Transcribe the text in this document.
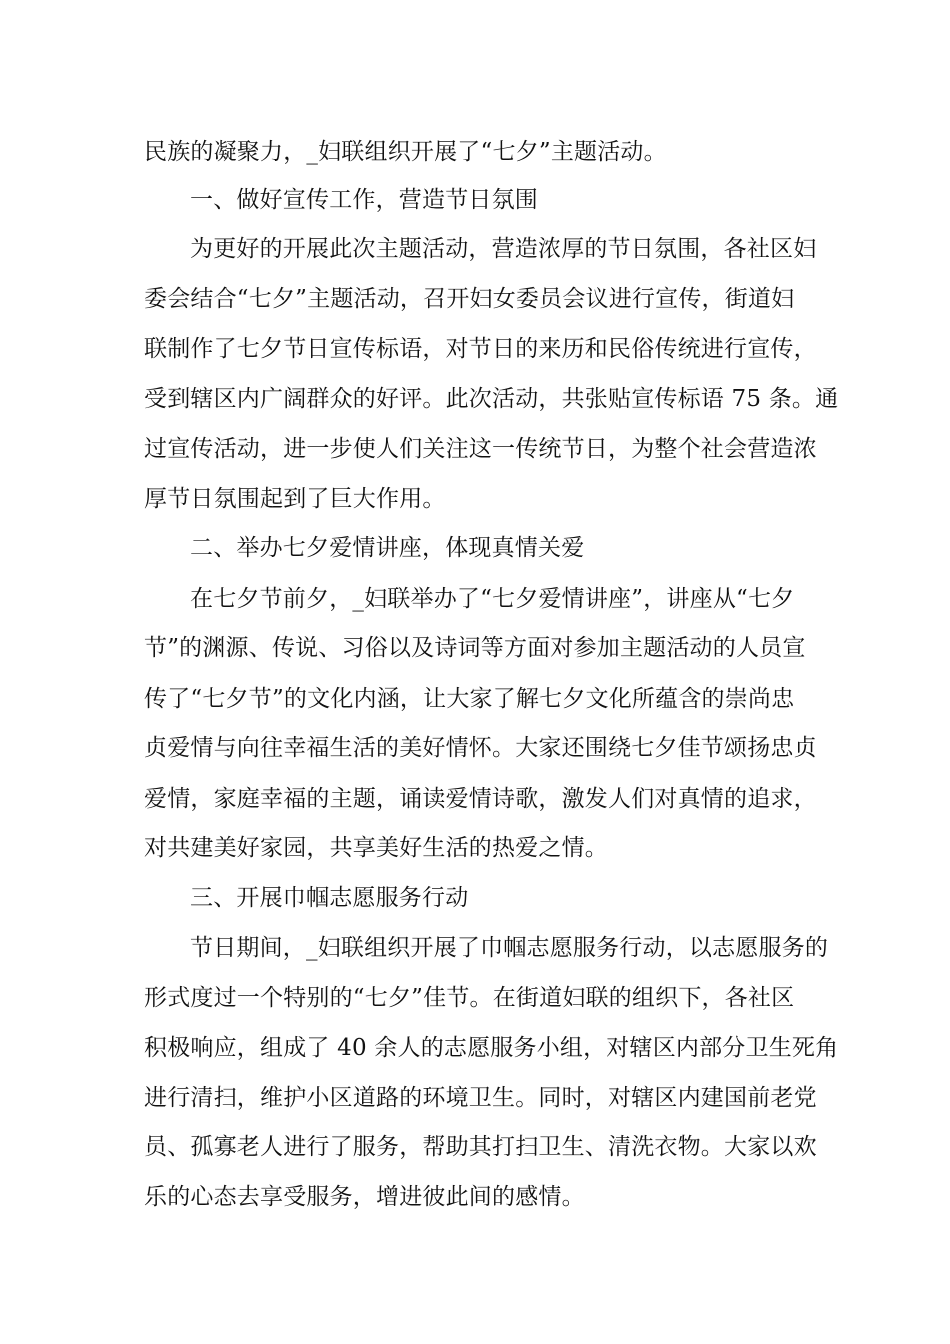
民族的凝聚力，_妇联组织开展了“七夕”主题活动。
一、做好宣传工作，营造节日氛围
为更好的开展此次主题活动，营造浓厚的节日氛围，各社区妇
委会结合“七夕”主题活动，召开妇女委员会议进行宣传，街道妇
联制作了七夕节日宣传标语，对节日的来历和民俗传统进行宣传，
受到辖区内广阔群众的好评。此次活动，共张贴宣传标语 75 条。通
过宣传活动，进一步使人们关注这一传统节日，为整个社会营造浓
厚节日氛围起到了巨大作用。
二、举办七夕爱情讲座，体现真情关爱
在七夕节前夕，_妇联举办了“七夕爱情讲座”，讲座从“七夕
节”的渊源、传说、习俗以及诗词等方面对参加主题活动的人员宣
传了“七夕节”的文化内涵，让大家了解七夕文化所蕴含的崇尚忠
贞爱情与向往幸福生活的美好情怀。大家还围绕七夕佳节颂扬忠贞
爱情，家庭幸福的主题，诵读爱情诗歌，激发人们对真情的追求，
对共建美好家园，共享美好生活的热爱之情。
三、开展巾帼志愿服务行动
节日期间，_妇联组织开展了巾帼志愿服务行动，以志愿服务的
形式度过一个特别的“七夕”佳节。在街道妇联的组织下，各社区
积极响应，组成了 40 余人的志愿服务小组，对辖区内部分卫生死角
进行清扫，维护小区道路的环境卫生。同时，对辖区内建国前老党
员、孤寡老人进行了服务，帮助其打扫卫生、清洗衣物。大家以欢
乐的心态去享受服务，增进彼此间的感情。
